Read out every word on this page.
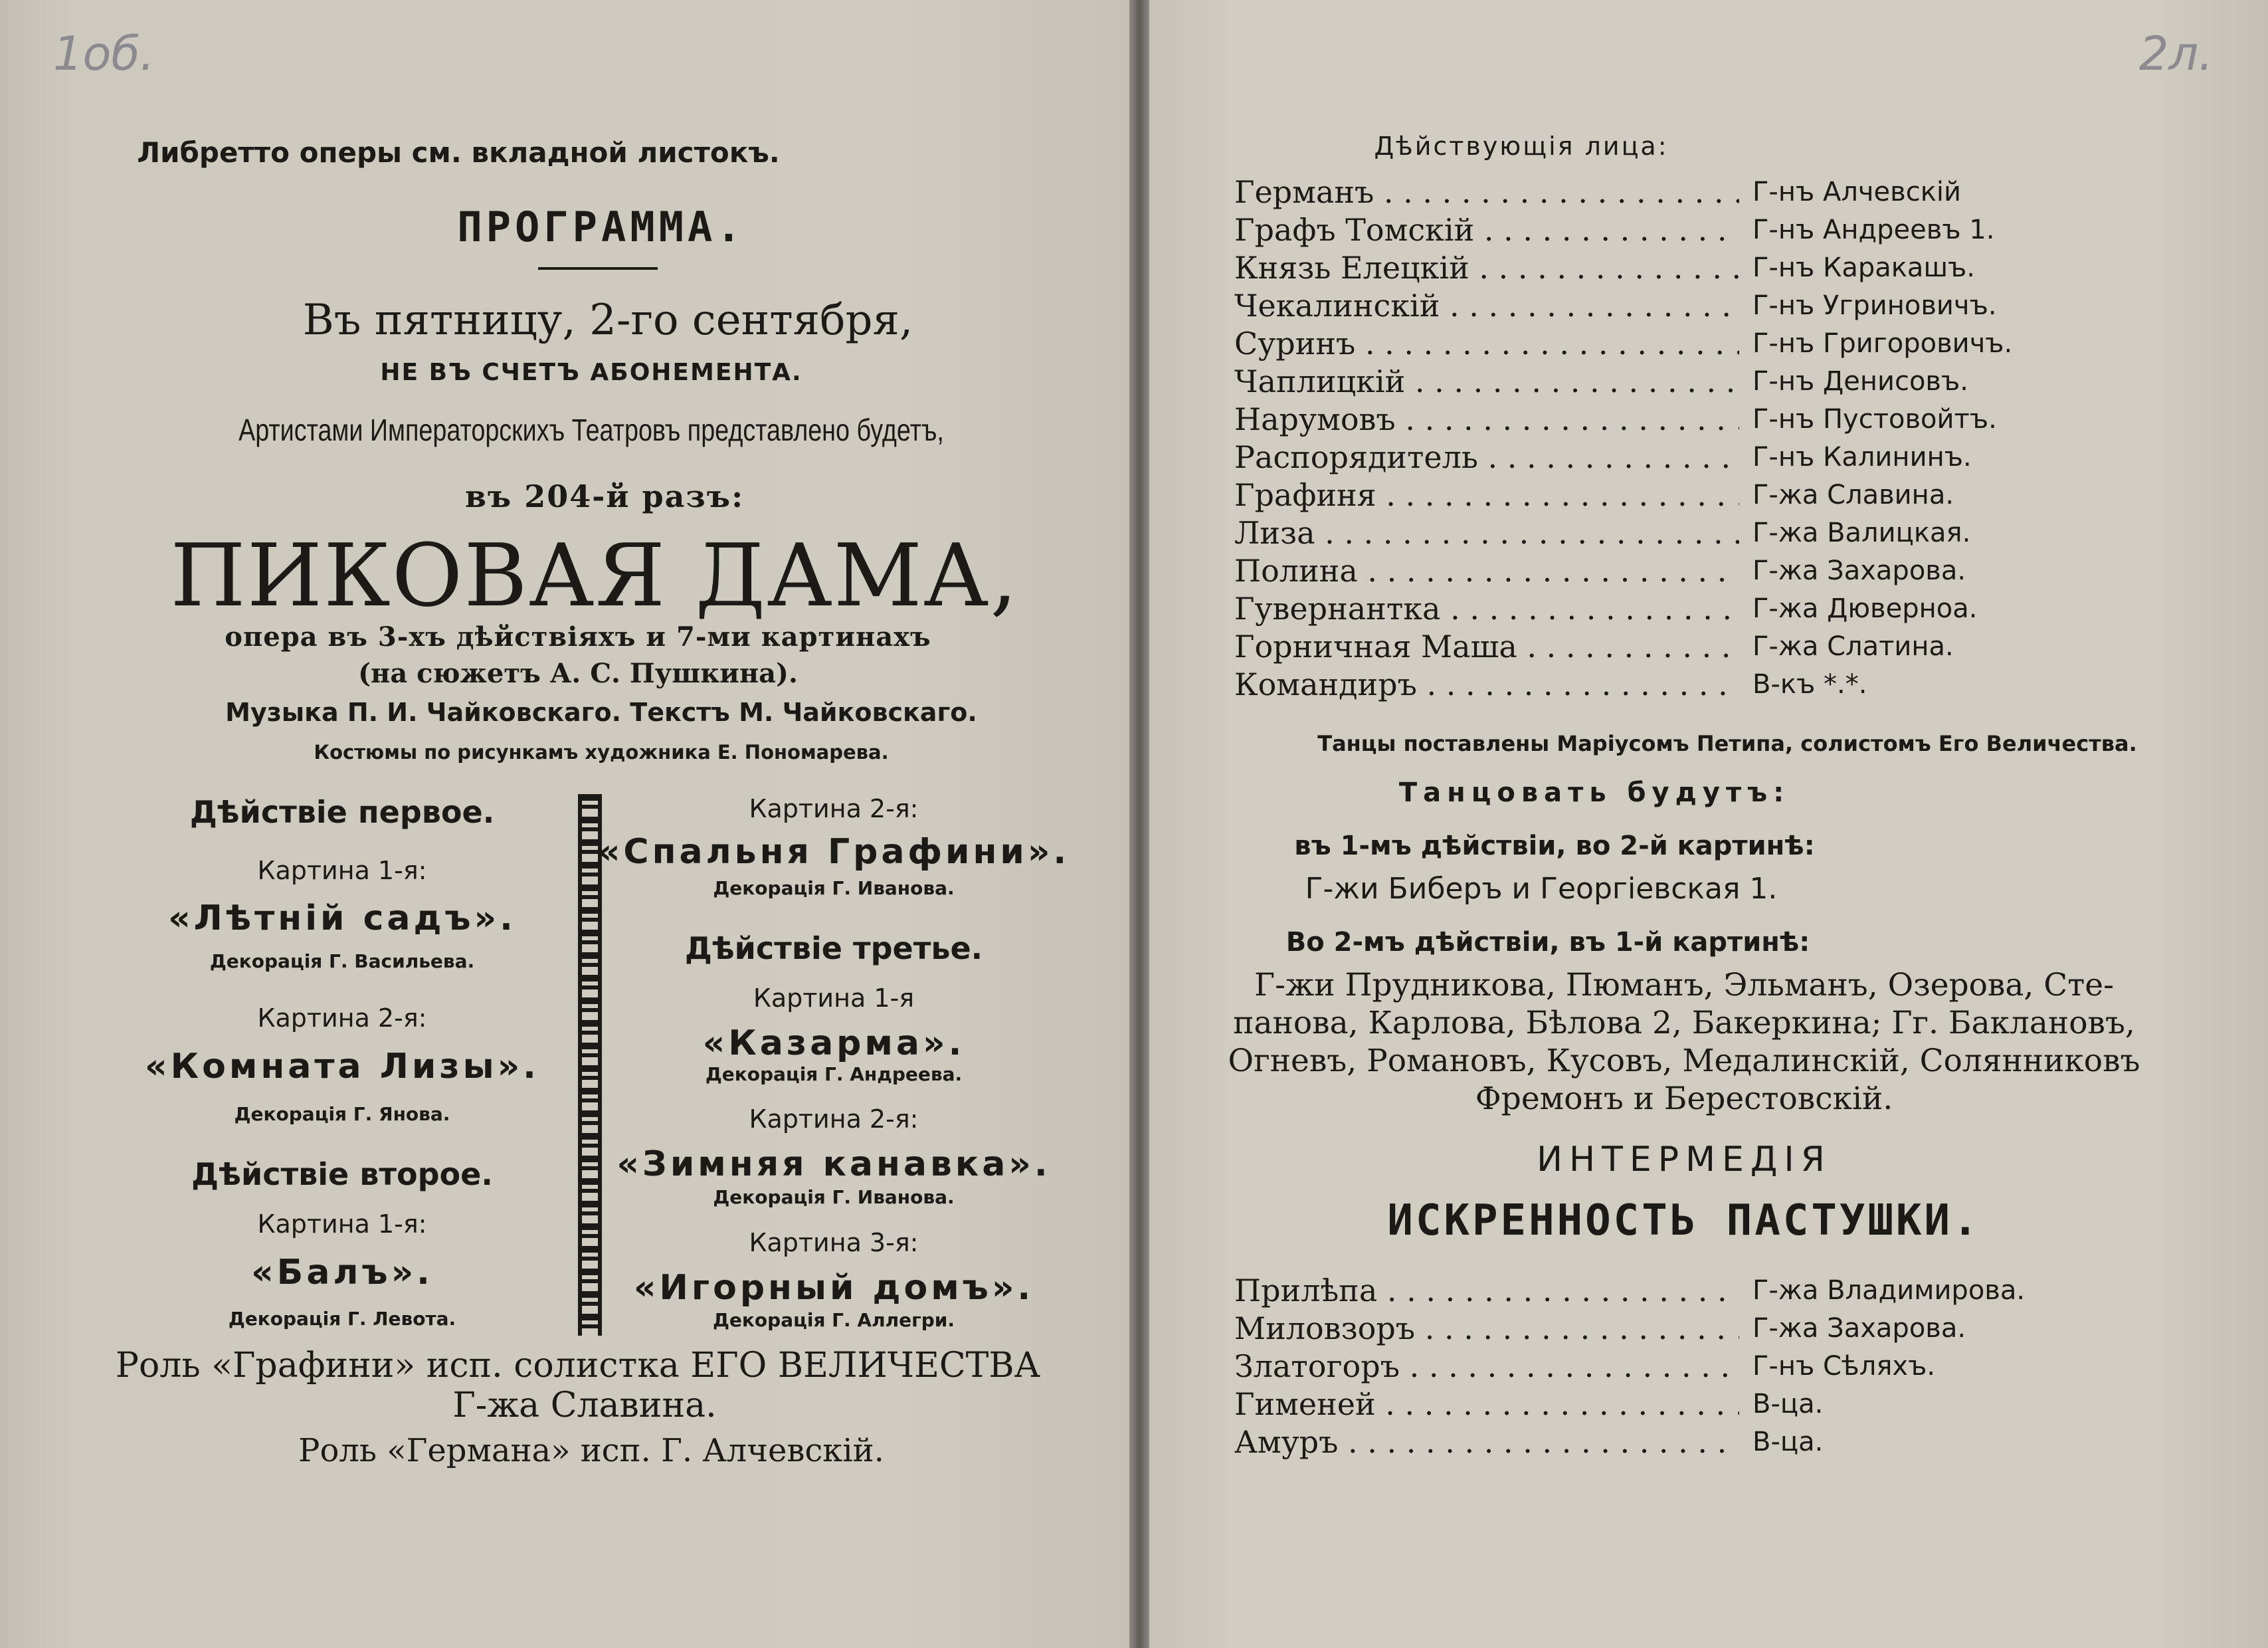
1об.
Либретто оперы см. вкладной листокъ.
ПРОГРАММА.
Въ пятницу, 2-го сентября,
НЕ ВЪ СЧЕТЪ АБОНЕМЕНТА.
Артистами Императорскихъ Театровъ представлено будетъ,
въ 204-й разъ:
ПИКОВАЯ ДАМА,
опера въ 3-хъ дѣйствіяхъ и 7-ми картинахъ
(на сюжетъ А. С. Пушкина).
Музыка П. И. Чайковскаго. Текстъ М. Чайковскаго.
Костюмы по рисункамъ художника Е. Пономарева.
Дѣйствіе первое.
Картина 1-я:
«Лѣтній садъ».
Декорація Г. Васильева.
Картина 2-я:
«Комната Лизы».
Декорація Г. Янова.
Дѣйствіе второе.
Картина 1-я:
«Балъ».
Декорація Г. Левота.
Картина 2-я:
«Спальня Графини».
Декорація Г. Иванова.
Дѣйствіе третье.
Картина 1-я
«Казарма».
Декорація Г. Андреева.
Картина 2-я:
«Зимняя канавка».
Декорація Г. Иванова.
Картина 3-я:
«Игорный домъ».
Декорація Г. Аллегри.
Роль «Графини» исп. солистка ЕГО ВЕЛИЧЕСТВА
Г-жа Славина.
Роль «Германа» исп. Г. Алчевскій.
2л.
Дѣйствующія лица:
Германъ . . .	Г-нъ Алчевскій
Графъ Томскій . . .	Г-нъ Андреевъ 1.
Князь Елецкій . . .	Г-нъ Каракашъ.
Чекалинскій . . .	Г-нъ Угриновичъ.
Суринъ . . .	Г-нъ Григоровичъ.
Чаплицкій . . .	Г-нъ Денисовъ.
Нарумовъ . . .	Г-нъ Пустовойтъ.
Распорядитель . . .	Г-нъ Калининъ.
Графиня . . .	Г-жа Славина.
Лиза . . .	Г-жа Валицкая.
Полина . . .	Г-жа Захарова.
Гувернантка . . .	Г-жа Дюверноа.
Горничная Маша . . .	Г-жа Слатина.
Командиръ . . .	В-къ *.*.
Танцы поставлены Маріусомъ Петипа, солистомъ Его Величества.
Танцовать будутъ:
въ 1-мъ дѣйствіи, во 2-й картинѣ:
Г-жи Биберъ и Георгіевская 1.
Во 2-мъ дѣйствіи, въ 1-й картинѣ:
Г-жи Прудникова, Пюманъ, Эльманъ, Озерова, Сте-
панова, Карлова, Бѣлова 2, Бакеркина; Гг. Баклановъ,
Огневъ, Романовъ, Кусовъ, Медалинскій, Солянниковъ
Фремонъ и Берестовскій.
ИНТЕРМЕДІЯ
ИСКРЕННОСТЬ ПАСТУШКИ.
Прилѣпа . . .	Г-жа Владимирова.
Миловзоръ . . .	Г-жа Захарова.
Златогоръ . . .	Г-нъ Сѣляхъ.
Гименей . . .	В-ца.
Амуръ . . .	В-ца.
